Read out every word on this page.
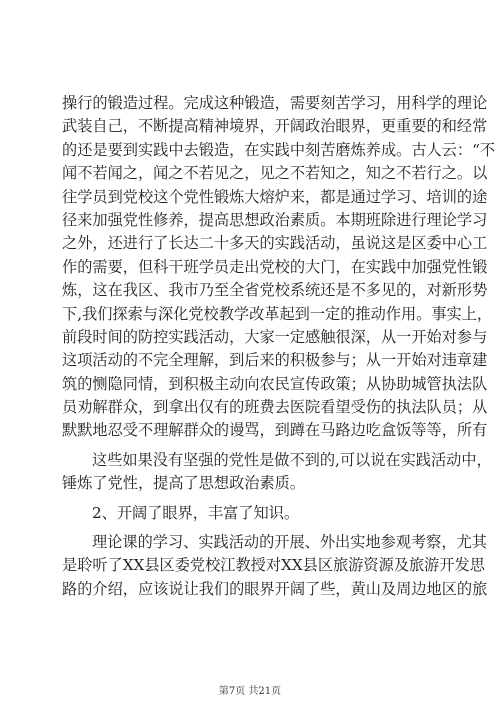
操行的锻造过程。完成这种锻造，需要刻苦学习，用科学的理论
武装自己，不断提高精神境界，开阔政治眼界，更重要的和经常
的还是要到实践中去锻造，在实践中刻苦磨炼养成。古人云：“不
闻不若闻之，闻之不若见之，见之不若知之，知之不若行之。以
往学员到党校这个党性锻炼大熔炉来，都是通过学习、培训的途
径来加强党性修养，提高思想政治素质。本期班除进行理论学习
之外，还进行了长达二十多天的实践活动，虽说这是区委中心工
作的需要，但科干班学员走出党校的大门，在实践中加强党性锻
炼，这在我区、我市乃至全省党校系统还是不多见的，对新形势
下,我们探索与深化党校教学改革起到一定的推动作用。事实上，
前段时间的防控实践活动，大家一定感触很深，从一开始对参与
这项活动的不完全理解，到后来的积极参与；从一开始对违章建
筑的恻隐同情，到积极主动向农民宣传政策；从协助城管执法队
员劝解群众，到拿出仅有的班费去医院看望受伤的执法队员；从
默默地忍受不理解群众的谩骂，到蹲在马路边吃盒饭等等，所有
这些如果没有坚强的党性是做不到的,可以说在实践活动中，
锤炼了党性，提高了思想政治素质。
2、开阔了眼界，丰富了知识。
理论课的学习、实践活动的开展、外出实地参观考察，尤其
是聆听了XX县区委党校江教授对XX县区旅游资源及旅游开发思
路的介绍，应该说让我们的眼界开阔了些，黄山及周边地区的旅
第7页 共21页
